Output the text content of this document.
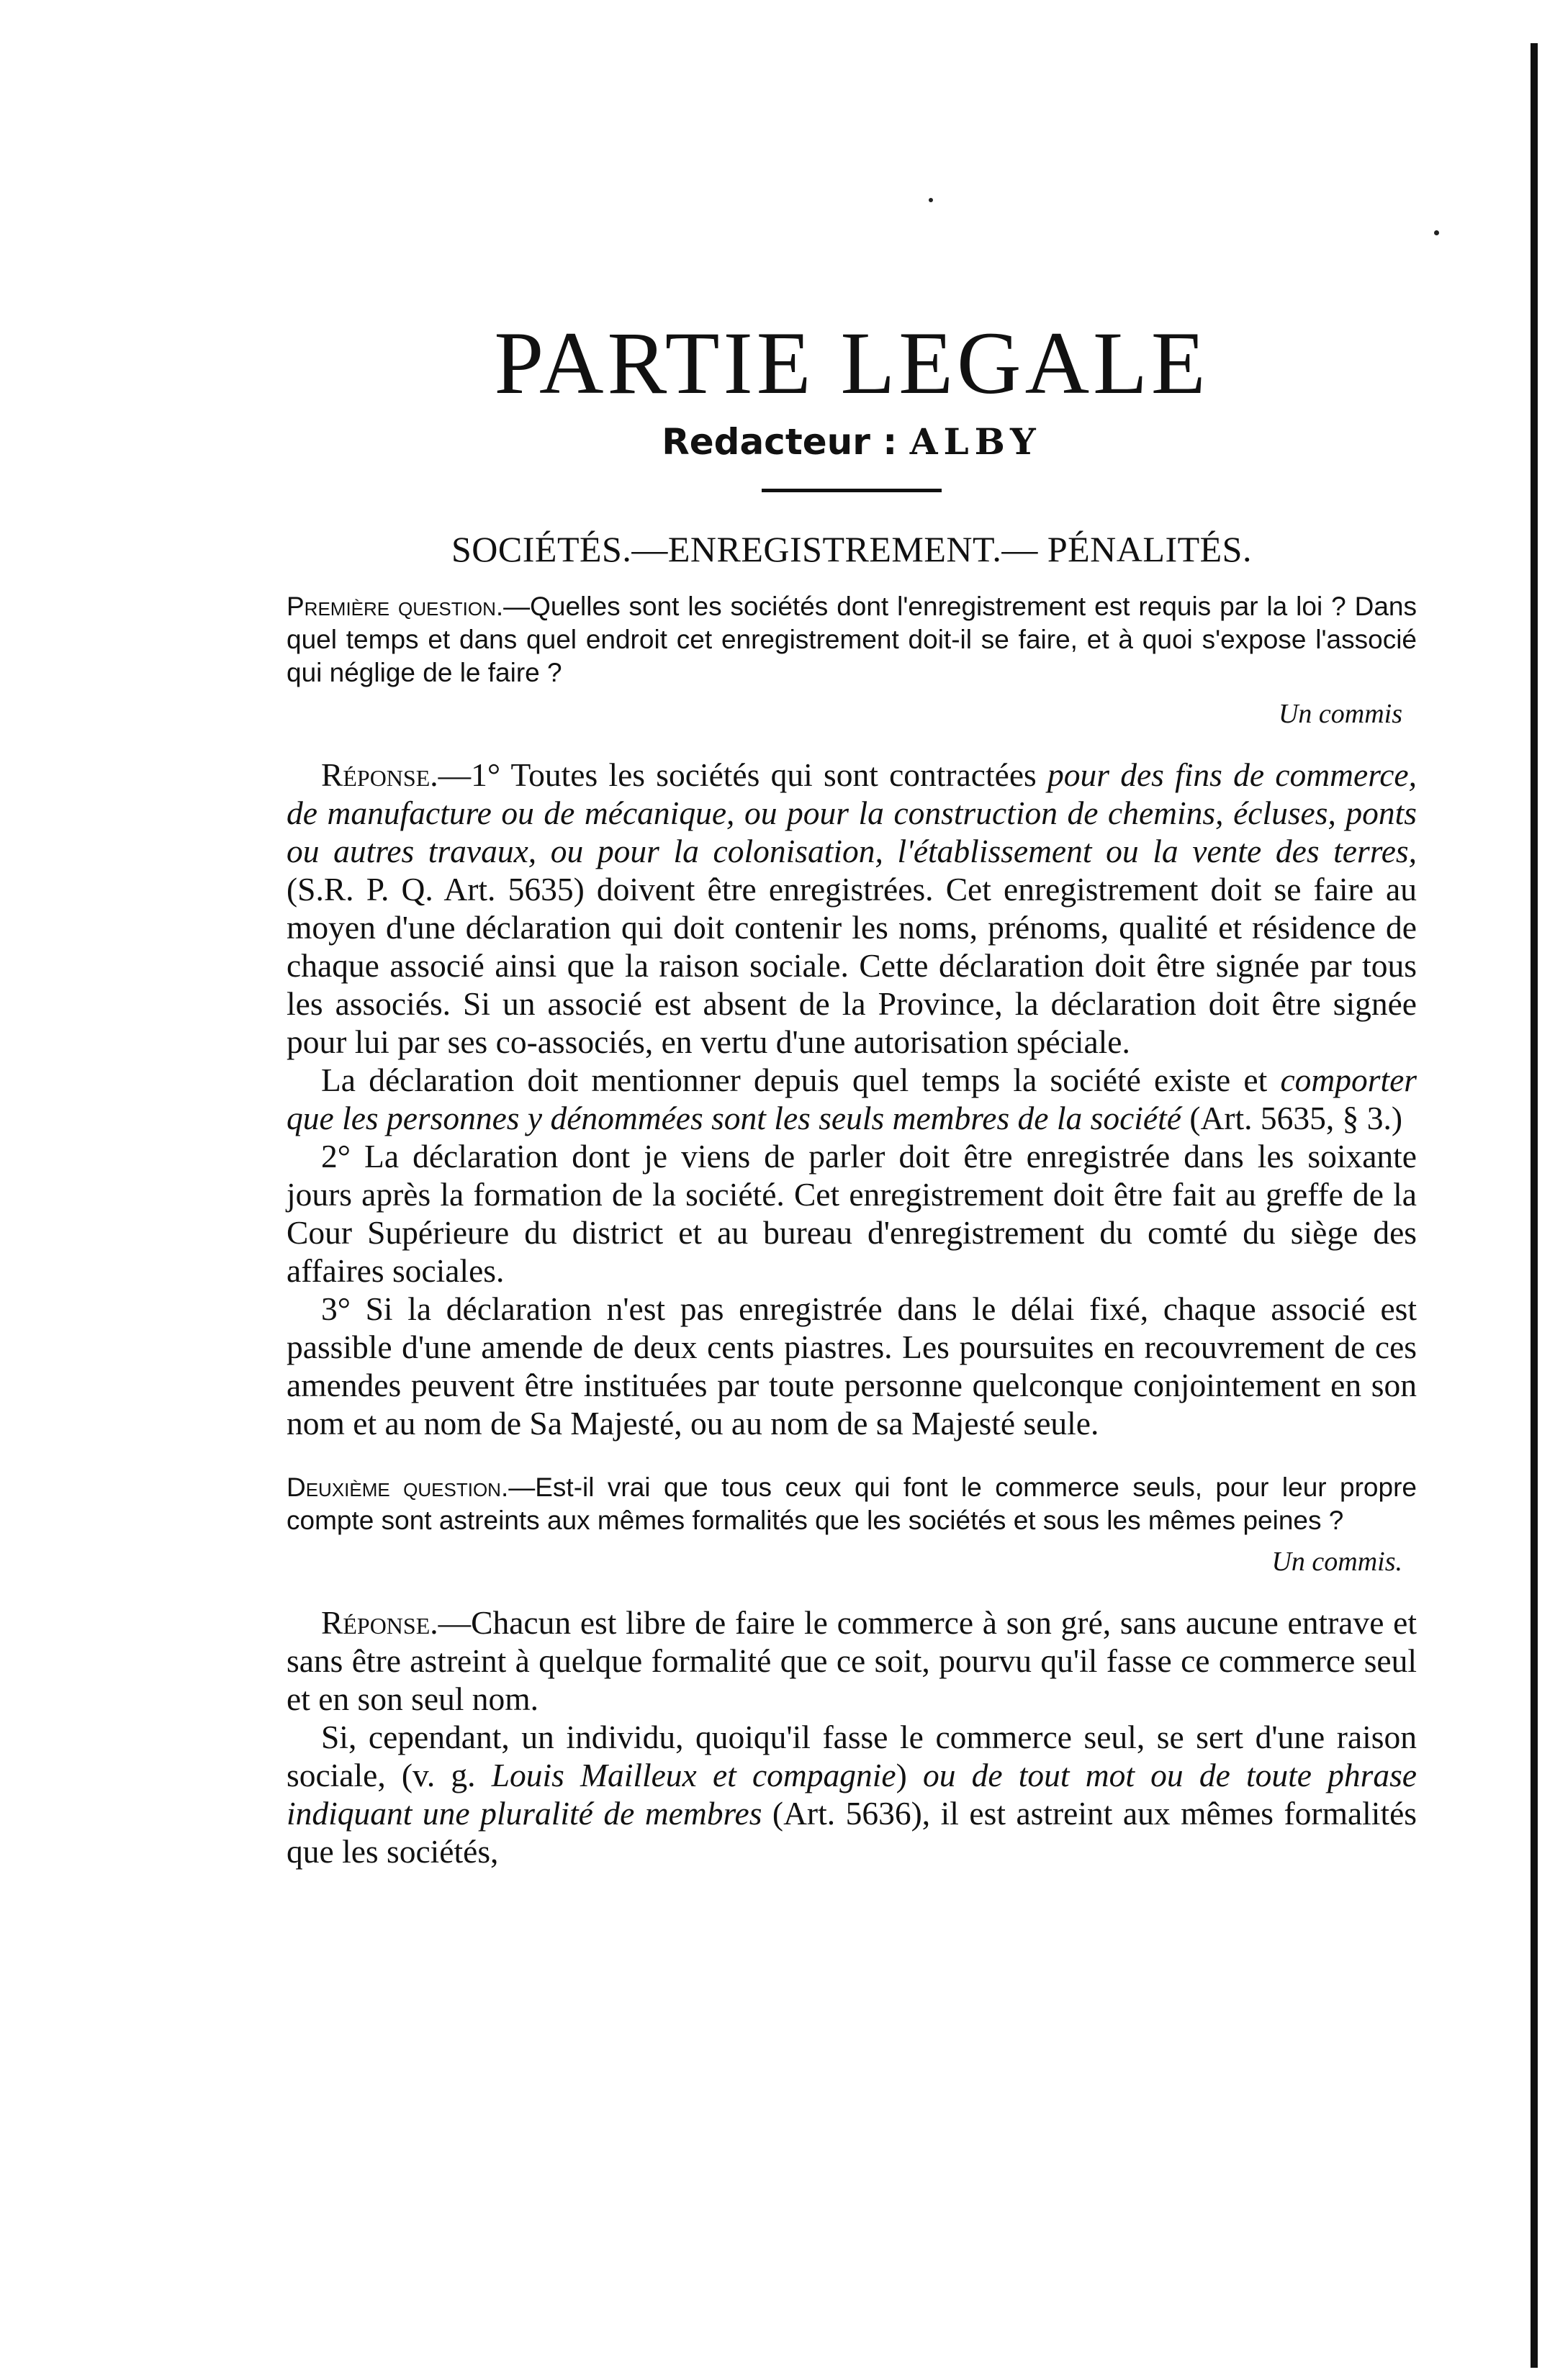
PARTIE LEGALE
Redacteur : ALBY
SOCIÉTÉS.—ENREGISTREMENT.— PÉNALITÉS.

Première question.—Quelles sont les sociétés dont l'enregistrement est requis par la loi ? Dans quel temps et dans quel endroit cet enregistrement doit-il se faire, et à quoi s'expose l'associé qui néglige de le faire ?

Un commis

Réponse.—1° Toutes les sociétés qui sont contractées pour des fins de commerce, de manufacture ou de mécanique, ou pour la construction de chemins, écluses, ponts ou autres travaux, ou pour la colonisation, l'établissement ou la vente des terres, (S.R. P. Q. Art. 5635) doivent être enregistrées. Cet enregistrement doit se faire au moyen d'une déclaration qui doit contenir les noms, prénoms, qualité et résidence de chaque associé ainsi que la raison sociale. Cette déclaration doit être signée par tous les associés. Si un associé est absent de la Province, la déclaration doit être signée pour lui par ses co-associés, en vertu d'une autorisation spéciale.

La déclaration doit mentionner depuis quel temps la société existe et comporter que les personnes y dénommées sont les seuls membres de la société (Art. 5635, § 3.)

2° La déclaration dont je viens de parler doit être enregistrée dans les soixante jours après la formation de la société. Cet enregistrement doit être fait au greffe de la Cour Supérieure du district et au bureau d'enregistrement du comté du siège des affaires sociales.

3° Si la déclaration n'est pas enregistrée dans le délai fixé, chaque associé est passible d'une amende de deux cents piastres. Les poursuites en recouvrement de ces amendes peuvent être instituées par toute personne quelconque conjointement en son nom et au nom de Sa Majesté, ou au nom de sa Majesté seule.

Deuxième question.—Est-il vrai que tous ceux qui font le commerce seuls, pour leur propre compte sont astreints aux mêmes formalités que les sociétés et sous les mêmes peines ?

Un commis.

Réponse.—Chacun est libre de faire le commerce à son gré, sans aucune entrave et sans être astreint à quelque formalité que ce soit, pourvu qu'il fasse ce commerce seul et en son seul nom.

Si, cependant, un individu, quoiqu'il fasse le commerce seul, se sert d'une raison sociale, (v. g. Louis Mailleux et compagnie) ou de tout mot ou de toute phrase indiquant une pluralité de membres (Art. 5636), il est astreint aux mêmes formalités que les sociétés,
